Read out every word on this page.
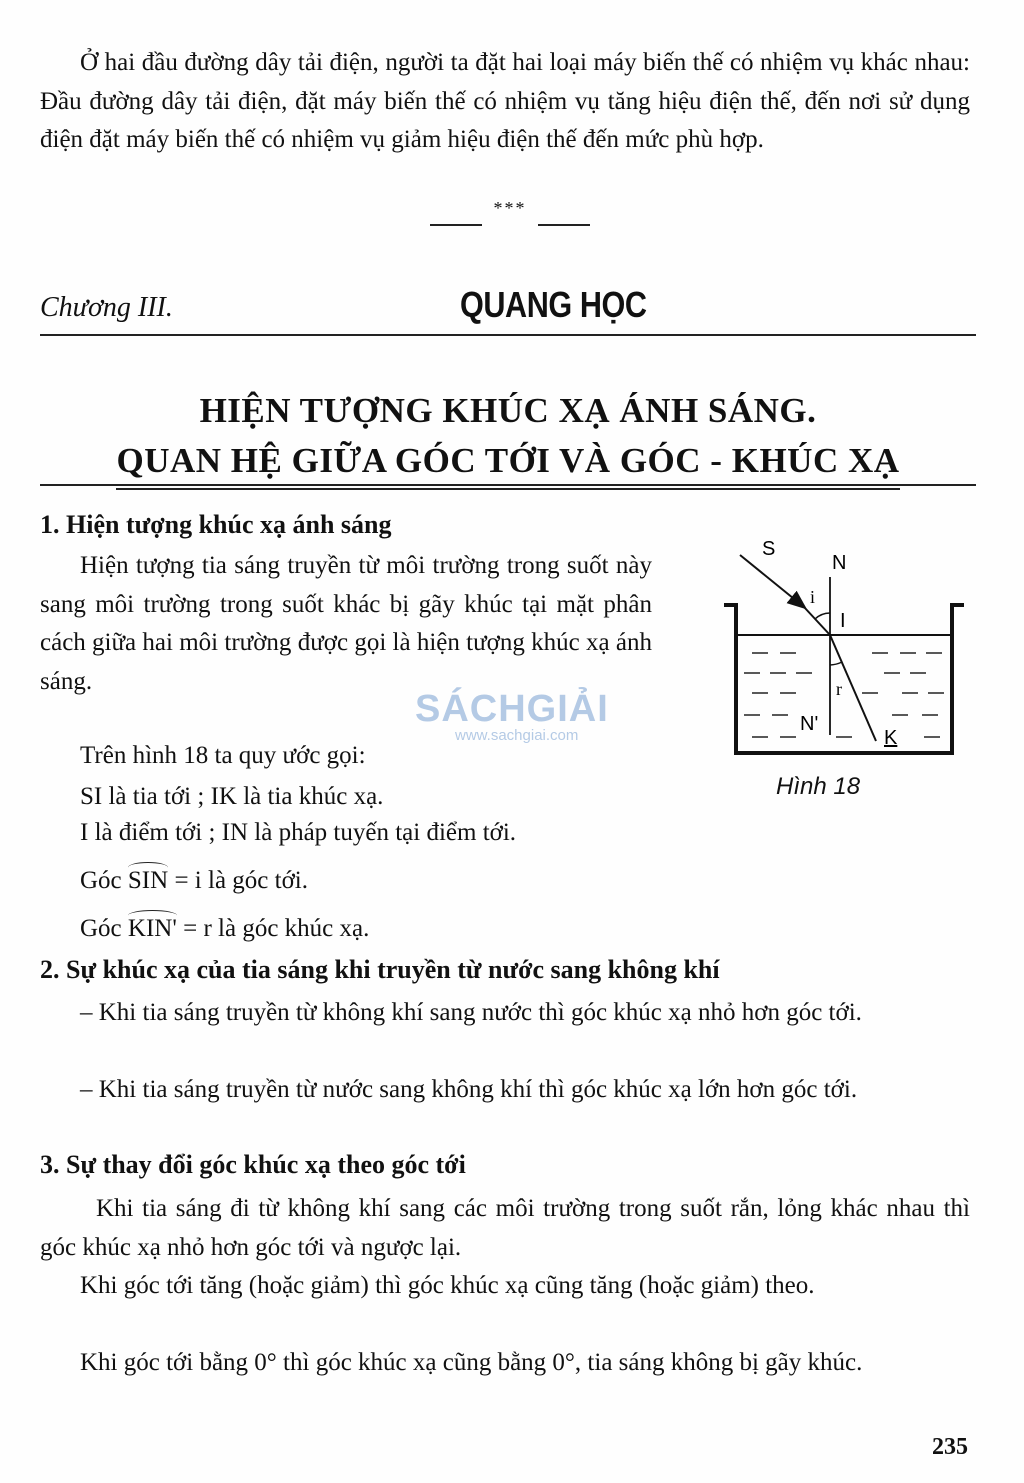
Ở hai đầu đường dây tải điện, người ta đặt hai loại máy biến thế có nhiệm vụ khác nhau: Đầu đường dây tải điện, đặt máy biến thế có nhiệm vụ tăng hiệu điện thế, đến nơi sử dụng điện đặt máy biến thế có nhiệm vụ giảm hiệu điện thế đến mức phù hợp.

***
Chương III.	QUANG HỌC
HIỆN TƯỢNG KHÚC XẠ ÁNH SÁNG.
QUAN HỆ GIỮA GÓC TỚI VÀ GÓC - KHÚC XẠ
1. Hiện tượng khúc xạ ánh sáng

Hiện tượng tia sáng truyền từ môi trường trong suốt này sang môi trường trong suốt khác bị gãy khúc tại mặt phân cách giữa hai môi trường được gọi là hiện tượng khúc xạ ánh sáng.

Trên hình 18 ta quy ước gọi:
SI là tia tới ; IK là tia khúc xạ.
I là điểm tới ; IN là pháp tuyến tại điểm tới.
Góc SIN = i là góc tới.
Góc KIN' = r là góc khúc xạ.
S
N
i
I
r
N'
K
Hình 18
SÁCHGIẢI
www.sachgiai.com
2. Sự khúc xạ của tia sáng khi truyền từ nước sang không khí

– Khi tia sáng truyền từ không khí sang nước thì góc khúc xạ nhỏ hơn góc tới.

– Khi tia sáng truyền từ nước sang không khí thì góc khúc xạ lớn hơn góc tới.

3. Sự thay đổi góc khúc xạ theo góc tới

Khi tia sáng đi từ không khí sang các môi trường trong suốt rắn, lỏng khác nhau thì góc khúc xạ nhỏ hơn góc tới và ngược lại.

Khi góc tới tăng (hoặc giảm) thì góc khúc xạ cũng tăng (hoặc giảm) theo.

Khi góc tới bằng 0° thì góc khúc xạ cũng bằng 0°, tia sáng không bị gãy khúc.

235
